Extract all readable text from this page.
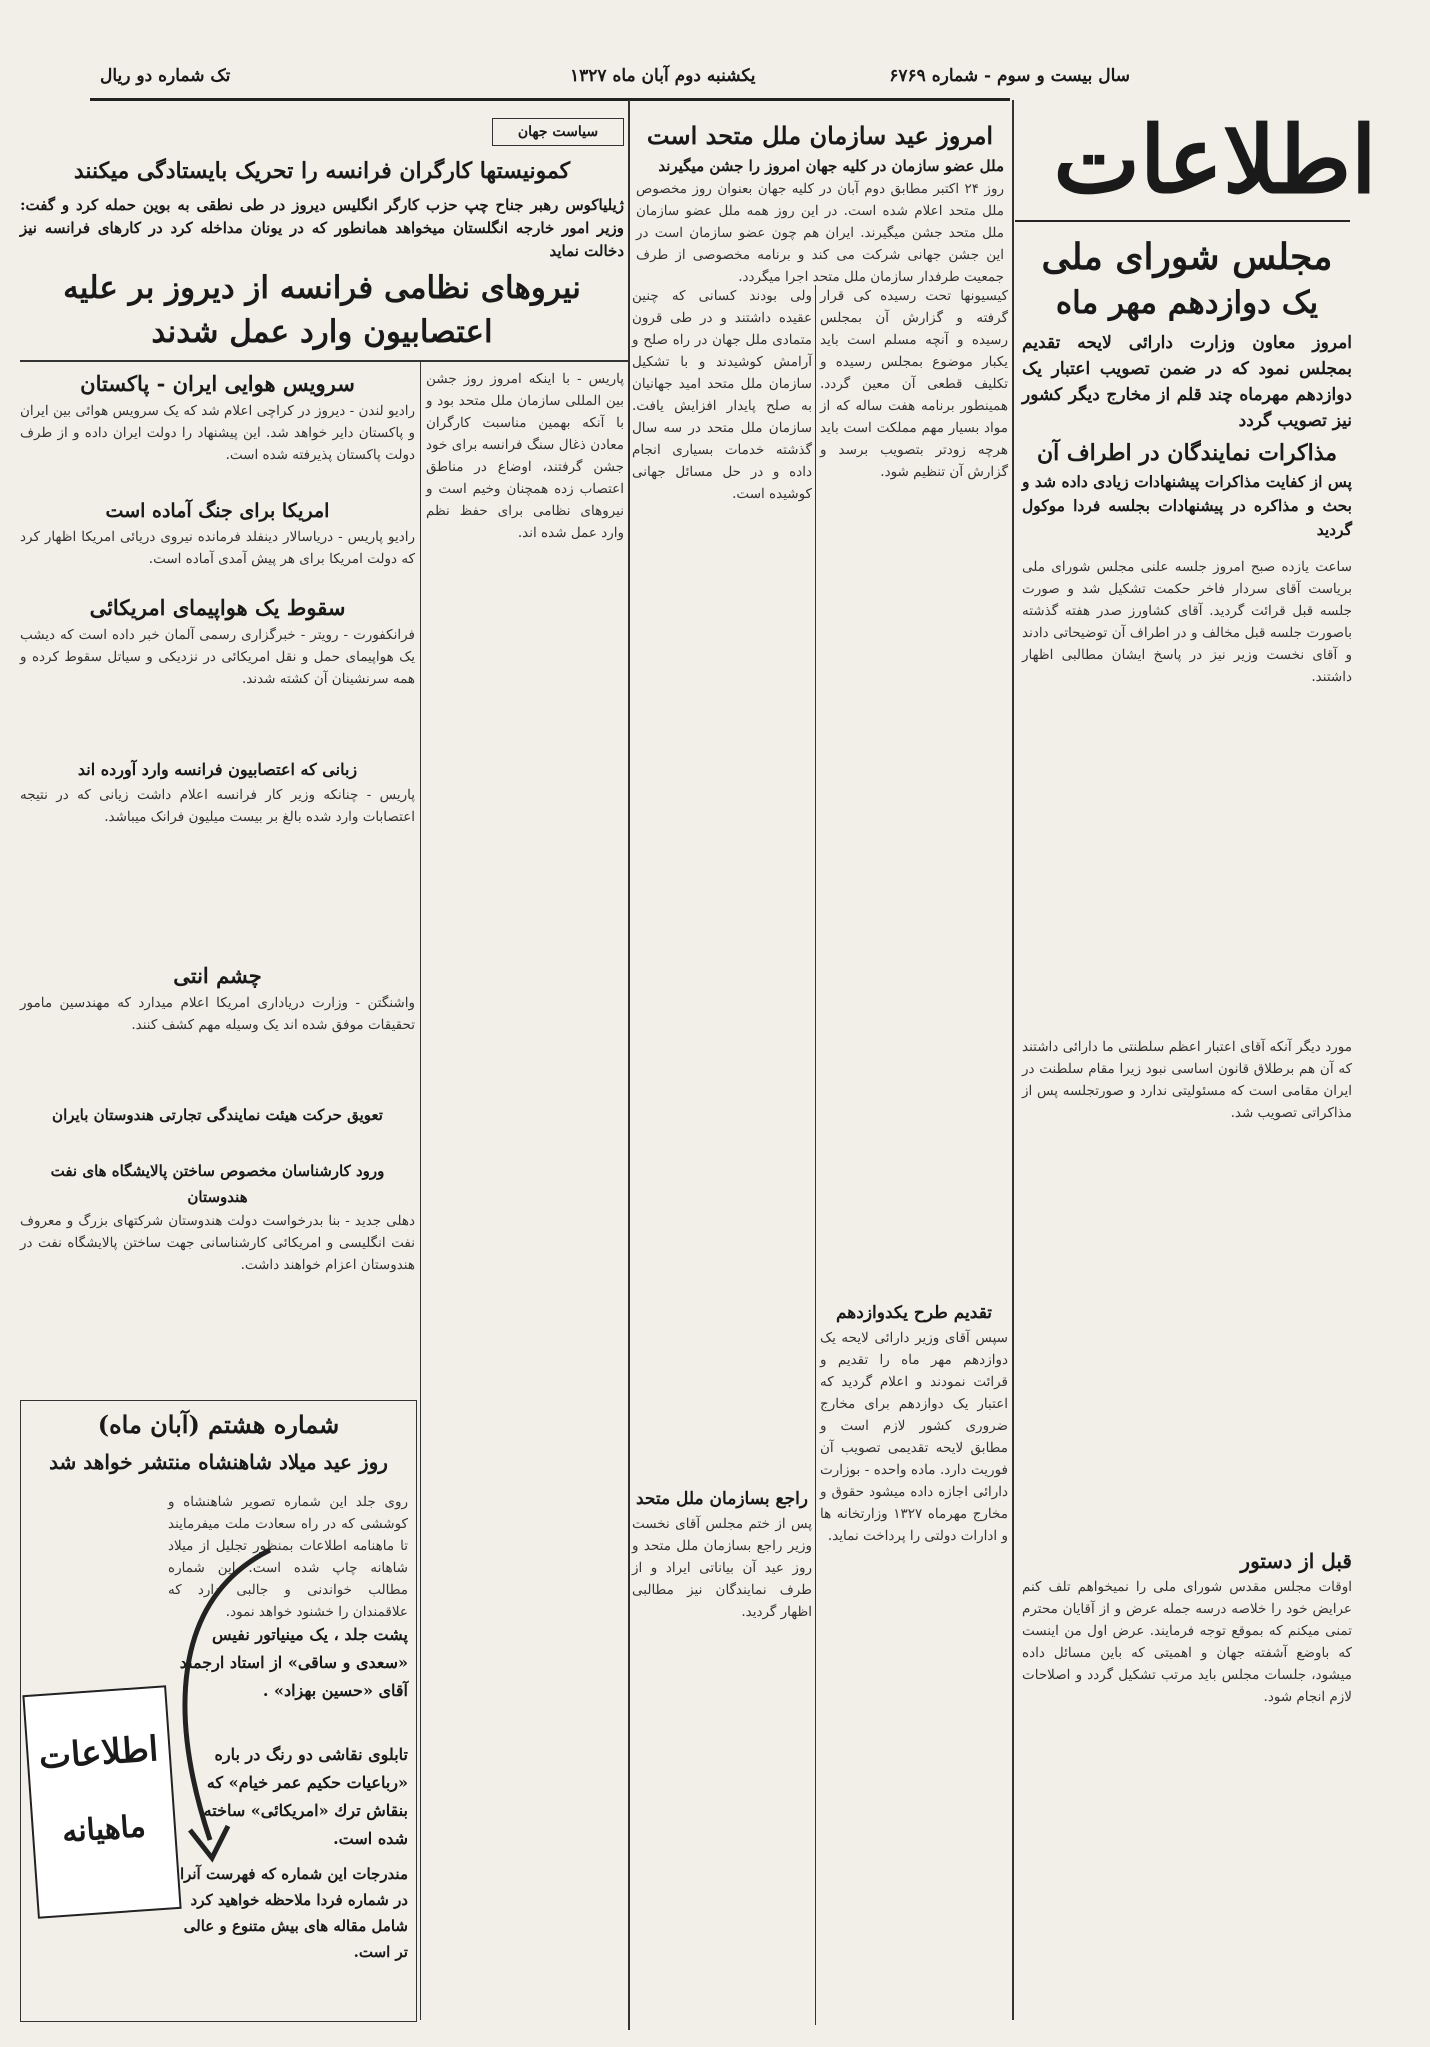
سال بیست و سوم - شماره ۶۷۶۹
یکشنبه دوم آبان ماه ۱۳۲۷
تک شماره دو ریال
اطلاعات
مجلس شورای ملی
یک دوازدهم مهر ماه
امروز معاون وزارت دارائی لایحه تقدیم بمجلس نمود که در ضمن تصویب اعتبار یک دوازدهم مهرماه چند قلم از مخارج دیگر کشور نیز تصویب گردد
مذاکرات نمایندگان در اطراف آن
پس از کفایت مذاکرات پیشنهادات زیادی داده شد و بحث و مذاکره در پیشنهادات بجلسه فردا موکول گردید
ساعت یازده صبح امروز جلسه علنی مجلس شورای ملی بریاست آقای سردار فاخر حکمت تشکیل شد و صورت جلسه قبل قرائت گردید. آقای کشاورز صدر هفته گذشته باصورت جلسه قبل مخالف و در اطراف آن توضیحاتی دادند و آقای نخست وزیر نیز در پاسخ ایشان مطالبی اظهار داشتند.
مورد دیگر آنکه آقای اعتبار اعظم سلطنتی ما دارائی داشتند که آن هم برطلاق قانون اساسی نبود زیرا مقام سلطنت در ایران مقامی است که مسئولیتی ندارد و صورتجلسه پس از مذاکراتی تصویب شد.
قبل از دستور
اوقات مجلس مقدس شورای ملی را نمیخواهم تلف کنم عرایض خود را خلاصه درسه جمله عرض و از آقایان محترم تمنی میکنم که بموقع توجه فرمایند. عرض اول من اینست که باوضع آشفته جهان و اهمیتی که باین مسائل داده میشود، جلسات مجلس باید مرتب تشکیل گردد و اصلاحات لازم انجام شود.
امروز عید سازمان ملل متحد است
ملل عضو سازمان در کلیه جهان امروز را جشن میگیرند
روز ۲۴ اکتبر مطابق دوم آبان در کلیه جهان بعنوان روز مخصوص ملل متحد اعلام شده است. در این روز همه ملل عضو سازمان ملل متحد جشن میگیرند. ایران هم چون عضو سازمان است در این جشن جهانی شرکت می کند و برنامه مخصوصی از طرف جمعیت طرفدار سازمان ملل متحد اجرا میگردد.
کیسیونها تحت رسیده کی قرار گرفته و گزارش آن بمجلس رسیده و آنچه مسلم است باید یکبار موضوع بمجلس رسیده و تکلیف قطعی آن معین گردد. همینطور برنامه هفت ساله که از مواد بسیار مهم مملکت است باید هرچه زودتر بتصویب برسد و گزارش آن تنظیم شود.
تقدیم طرح یکدوازدهم
سپس آقای وزیر دارائی لایحه یک دوازدهم مهر ماه را تقدیم و قرائت نمودند و اعلام گردید که اعتبار یک دوازدهم برای مخارج ضروری کشور لازم است و مطابق لایحه تقدیمی تصویب آن فوریت دارد. ماده واحده - بوزارت دارائی اجازه داده میشود حقوق و مخارج مهرماه ۱۳۲۷ وزارتخانه ها و ادارات دولتی را پرداخت نماید.
ولی بودند کسانی که چنین عقیده داشتند و در طی قرون متمادی ملل جهان در راه صلح و آرامش کوشیدند و با تشکیل سازمان ملل متحد امید جهانیان به صلح پایدار افزایش یافت. سازمان ملل متحد در سه سال گذشته خدمات بسیاری انجام داده و در حل مسائل جهانی کوشیده است.
راجع بسازمان ملل متحد
پس از ختم مجلس آقای نخست وزیر راجع بسازمان ملل متحد و روز عید آن بیاناتی ایراد و از طرف نمایندگان نیز مطالبی اظهار گردید.
سیاست جهان
کمونیستها کارگران فرانسه را تحریک بایستادگی میکنند
ژیلیاکوس رهبر جناح چپ حزب کارگر انگلیس دیروز در طی نطقی به بوین حمله کرد و گفت: وزیر امور خارجه انگلستان میخواهد همانطور که در یونان مداخله کرد در کارهای فرانسه نیز دخالت نماید
نیروهای نظامی فرانسه از دیروز بر علیه اعتصابیون وارد عمل شدند
سرویس هوایی ایران - پاکستان
رادیو لندن - دیروز در کراچی اعلام شد که یک سرویس هوائی بین ایران و پاکستان دایر خواهد شد. این پیشنهاد را دولت ایران داده و از طرف دولت پاکستان پذیرفته شده است.
امریکا برای جنگ آماده است
رادیو پاریس - دریاسالار دینفلد فرمانده نیروی دریائی امریکا اظهار کرد که دولت امریکا برای هر پیش آمدی آماده است.
سقوط یک هواپیمای امریکائی
فرانکفورت - رویتر - خبرگزاری رسمی آلمان خبر داده است که دیشب یک هواپیمای حمل و نقل امریکائی در نزدیکی و سیاتل سقوط کرده و همه سرنشینان آن کشته شدند.
زبانی که اعتصابیون فرانسه وارد آورده اند
پاریس - چنانکه وزیر کار فرانسه اعلام داشت زیانی که در نتیجه اعتصابات وارد شده بالغ بر بیست میلیون فرانک میباشد.
چشم انتی
واشنگتن - وزارت دریاداری امریکا اعلام میدارد که مهندسین مامور تحقیقات موفق شده اند یک وسیله مهم کشف کنند.
تعویق حرکت هیئت نمایندگی تجارتی هندوستان بایران
ورود کارشناسان مخصوص ساختن پالایشگاه های نفت هندوستان
دهلی جدید - بنا بدرخواست دولت هندوستان شرکتهای بزرگ و معروف نفت انگلیسی و امریکائی کارشناسانی جهت ساختن پالایشگاه نفت در هندوستان اعزام خواهند داشت.
پاریس - با اینکه امروز روز جشن بین المللی سازمان ملل متحد بود و با آنکه بهمین مناسبت کارگران معادن ذغال سنگ فرانسه برای خود جشن گرفتند، اوضاع در مناطق اعتصاب زده همچنان وخیم است و نیروهای نظامی برای حفظ نظم وارد عمل شده اند.
شماره هشتم (آبان ماه)
روز عید میلاد شاهنشاه منتشر خواهد شد
روی جلد این شماره تصویر شاهنشاه و کوششی که در راه سعادت ملت میفرمایند تا ماهنامه اطلاعات بمنظور تجلیل از میلاد شاهانه چاپ شده است. این شماره مطالب خواندنی و جالبی دارد که علاقمندان را خشنود خواهد نمود.
پشت جلد ، یک مینیاتور نفیس «سعدی و ساقی» از استاد ارجمند آقای «حسین بهزاد» .
تابلوی نقاشی دو رنگ در باره «رباعیات حکیم عمر خیام» که بنقاش ترك «امریکائی» ساخته شده است.
مندرجات این شماره که فهرست آنرا در شماره فردا ملاحظه خواهید کرد شامل مقاله های بیش متنوع و عالی تر است.
اطلاعات
ماهیانه
